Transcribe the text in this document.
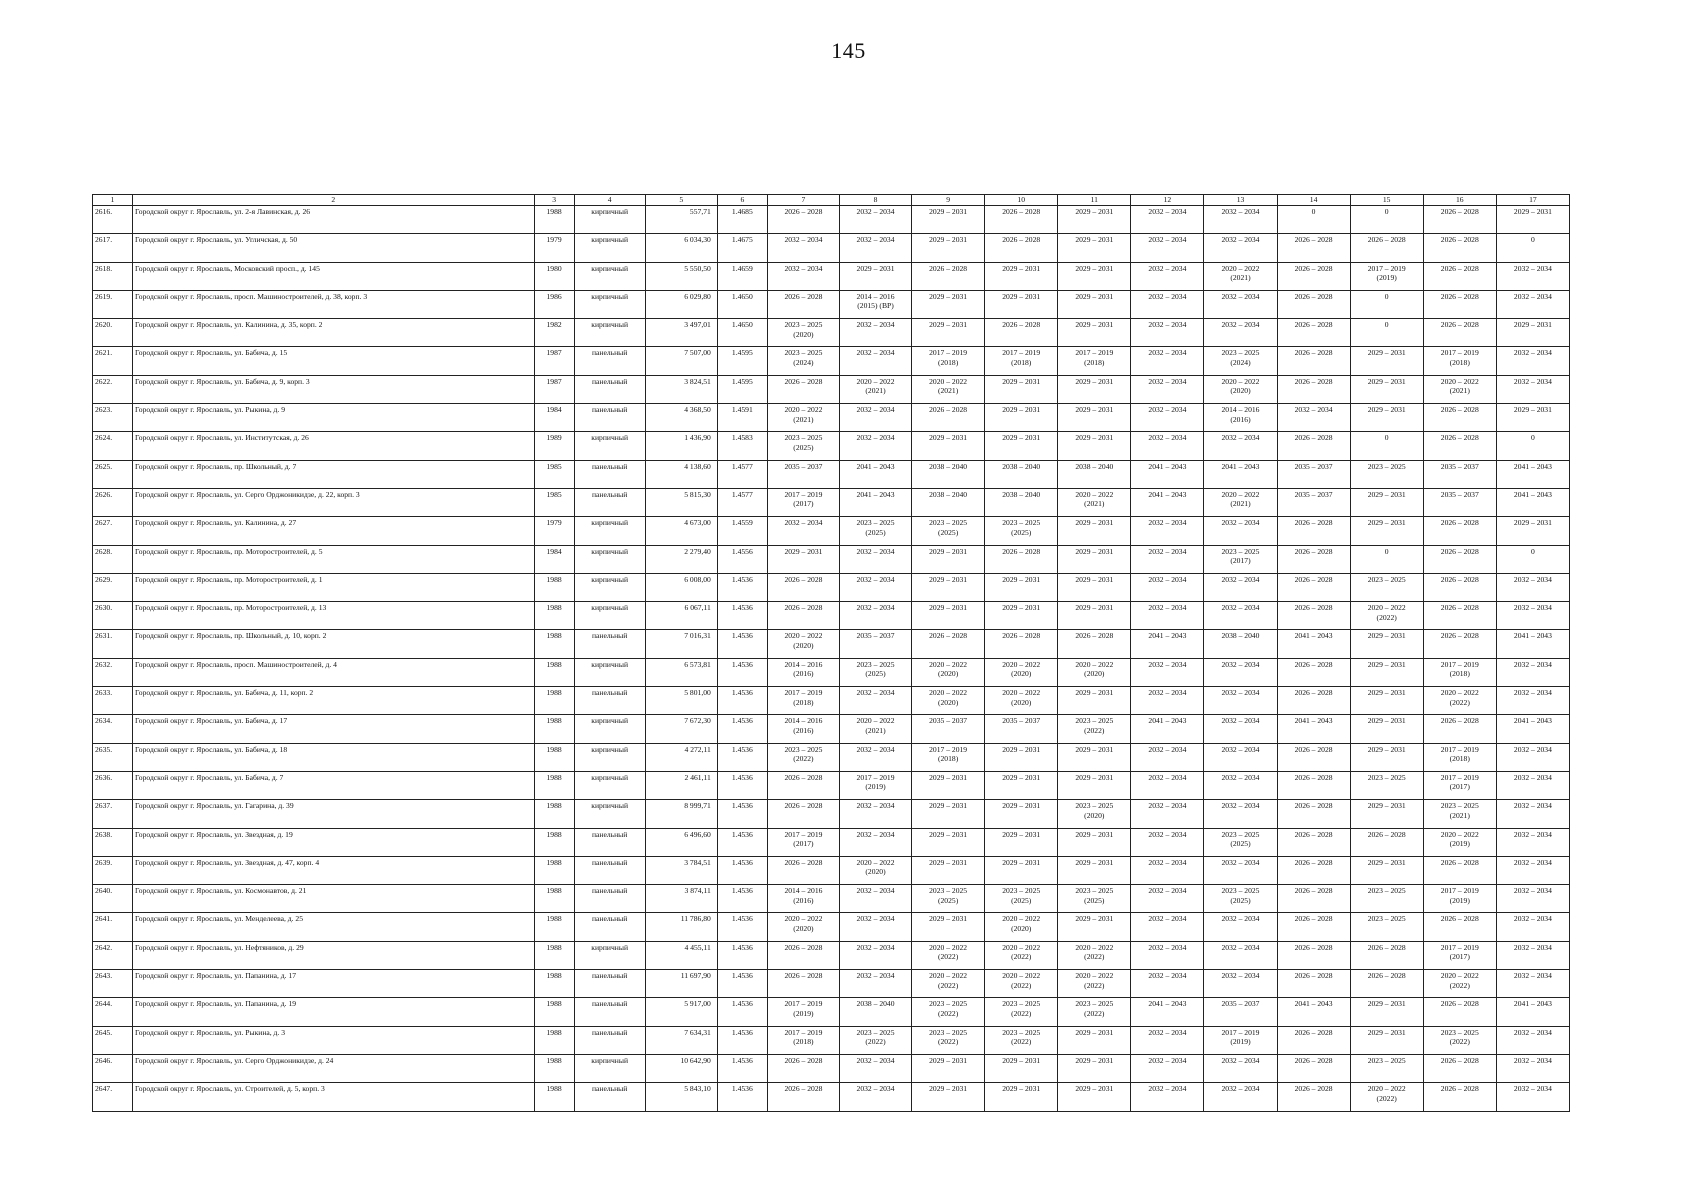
145
1	2	3	4	5	6	7	8	9	10	11	12	13	14	15	16	17

2616.	Городской округ г. Ярославль, ул. 2-я Лавинская, д. 26	1988	кирпичный	557,71	1.4685	2026 – 2028	2032 – 2034	2029 – 2031	2026 – 2028	2029 – 2031	2032 – 2034	2032 – 2034	0	0	2026 – 2028	2029 – 2031

2617.	Городской округ г. Ярославль, ул. Угличская, д. 50	1979	кирпичный	6 034,30	1.4675	2032 – 2034	2032 – 2034	2029 – 2031	2026 – 2028	2029 – 2031	2032 – 2034	2032 – 2034	2026 – 2028	2026 – 2028	2026 – 2028	0

2618.	Городской округ г. Ярославль, Московский просп., д. 145	1980	кирпичный	5 550,50	1.4659	2032 – 2034	2029 – 2031	2026 – 2028	2029 – 2031	2029 – 2031	2032 – 2034	2020 – 2022
(2021)	2026 – 2028	2017 – 2019
(2019)	2026 – 2028	2032 – 2034

2619.	Городской округ г. Ярославль, просп. Машиностроителей, д. 38, корп. 3	1986	кирпичный	6 029,80	1.4650	2026 – 2028	2014 – 2016
(2015) (ВР)	2029 – 2031	2029 – 2031	2029 – 2031	2032 – 2034	2032 – 2034	2026 – 2028	0	2026 – 2028	2032 – 2034

2620.	Городской округ г. Ярославль, ул. Калинина, д. 35, корп. 2	1982	кирпичный	3 497,01	1.4650	2023 – 2025
(2020)	2032 – 2034	2029 – 2031	2026 – 2028	2029 – 2031	2032 – 2034	2032 – 2034	2026 – 2028	0	2026 – 2028	2029 – 2031

2621.	Городской округ г. Ярославль, ул. Бабича, д. 15	1987	панельный	7 507,00	1.4595	2023 – 2025
(2024)	2032 – 2034	2017 – 2019
(2018)	2017 – 2019
(2018)	2017 – 2019
(2018)	2032 – 2034	2023 – 2025
(2024)	2026 – 2028	2029 – 2031	2017 – 2019
(2018)	2032 – 2034

2622.	Городской округ г. Ярославль, ул. Бабича, д. 9, корп. 3	1987	панельный	3 824,51	1.4595	2026 – 2028	2020 – 2022
(2021)	2020 – 2022
(2021)	2029 – 2031	2029 – 2031	2032 – 2034	2020 – 2022
(2020)	2026 – 2028	2029 – 2031	2020 – 2022
(2021)	2032 – 2034

2623.	Городской округ г. Ярославль, ул. Рыкина, д. 9	1984	панельный	4 368,50	1.4591	2020 – 2022
(2021)	2032 – 2034	2026 – 2028	2029 – 2031	2029 – 2031	2032 – 2034	2014 – 2016
(2016)	2032 – 2034	2029 – 2031	2026 – 2028	2029 – 2031

2624.	Городской округ г. Ярославль, ул. Институтская, д. 26	1989	кирпичный	1 436,90	1.4583	2023 – 2025
(2025)	2032 – 2034	2029 – 2031	2029 – 2031	2029 – 2031	2032 – 2034	2032 – 2034	2026 – 2028	0	2026 – 2028	0

2625.	Городской округ г. Ярославль, пр. Школьный, д. 7	1985	панельный	4 138,60	1.4577	2035 – 2037	2041 – 2043	2038 – 2040	2038 – 2040	2038 – 2040	2041 – 2043	2041 – 2043	2035 – 2037	2023 – 2025	2035 – 2037	2041 – 2043

2626.	Городской округ г. Ярославль, ул. Серго Орджоникидзе, д. 22, корп. 3	1985	панельный	5 815,30	1.4577	2017 – 2019
(2017)	2041 – 2043	2038 – 2040	2038 – 2040	2020 – 2022
(2021)	2041 – 2043	2020 – 2022
(2021)	2035 – 2037	2029 – 2031	2035 – 2037	2041 – 2043

2627.	Городской округ г. Ярославль, ул. Калинина, д. 27	1979	кирпичный	4 673,00	1.4559	2032 – 2034	2023 – 2025
(2025)	2023 – 2025
(2025)	2023 – 2025
(2025)	2029 – 2031	2032 – 2034	2032 – 2034	2026 – 2028	2029 – 2031	2026 – 2028	2029 – 2031

2628.	Городской округ г. Ярославль, пр. Моторостроителей, д. 5	1984	кирпичный	2 279,40	1.4556	2029 – 2031	2032 – 2034	2029 – 2031	2026 – 2028	2029 – 2031	2032 – 2034	2023 – 2025
(2017)	2026 – 2028	0	2026 – 2028	0

2629.	Городской округ г. Ярославль, пр. Моторостроителей, д. 1	1988	кирпичный	6 008,00	1.4536	2026 – 2028	2032 – 2034	2029 – 2031	2029 – 2031	2029 – 2031	2032 – 2034	2032 – 2034	2026 – 2028	2023 – 2025	2026 – 2028	2032 – 2034

2630.	Городской округ г. Ярославль, пр. Моторостроителей, д. 13	1988	кирпичный	6 067,11	1.4536	2026 – 2028	2032 – 2034	2029 – 2031	2029 – 2031	2029 – 2031	2032 – 2034	2032 – 2034	2026 – 2028	2020 – 2022
(2022)	2026 – 2028	2032 – 2034

2631.	Городской округ г. Ярославль, пр. Школьный, д. 10, корп. 2	1988	панельный	7 016,31	1.4536	2020 – 2022
(2020)	2035 – 2037	2026 – 2028	2026 – 2028	2026 – 2028	2041 – 2043	2038 – 2040	2041 – 2043	2029 – 2031	2026 – 2028	2041 – 2043

2632.	Городской округ г. Ярославль, просп. Машиностроителей, д. 4	1988	кирпичный	6 573,81	1.4536	2014 – 2016
(2016)	2023 – 2025
(2025)	2020 – 2022
(2020)	2020 – 2022
(2020)	2020 – 2022
(2020)	2032 – 2034	2032 – 2034	2026 – 2028	2029 – 2031	2017 – 2019
(2018)	2032 – 2034

2633.	Городской округ г. Ярославль, ул. Бабича, д. 11, корп. 2	1988	панельный	5 801,00	1.4536	2017 – 2019
(2018)	2032 – 2034	2020 – 2022
(2020)	2020 – 2022
(2020)	2029 – 2031	2032 – 2034	2032 – 2034	2026 – 2028	2029 – 2031	2020 – 2022
(2022)	2032 – 2034

2634.	Городской округ г. Ярославль, ул. Бабича, д. 17	1988	кирпичный	7 672,30	1.4536	2014 – 2016
(2016)	2020 – 2022
(2021)	2035 – 2037	2035 – 2037	2023 – 2025
(2022)	2041 – 2043	2032 – 2034	2041 – 2043	2029 – 2031	2026 – 2028	2041 – 2043

2635.	Городской округ г. Ярославль, ул. Бабича, д. 18	1988	кирпичный	4 272,11	1.4536	2023 – 2025
(2022)	2032 – 2034	2017 – 2019
(2018)	2029 – 2031	2029 – 2031	2032 – 2034	2032 – 2034	2026 – 2028	2029 – 2031	2017 – 2019
(2018)	2032 – 2034

2636.	Городской округ г. Ярославль, ул. Бабича, д. 7	1988	кирпичный	2 461,11	1.4536	2026 – 2028	2017 – 2019
(2019)	2029 – 2031	2029 – 2031	2029 – 2031	2032 – 2034	2032 – 2034	2026 – 2028	2023 – 2025	2017 – 2019
(2017)	2032 – 2034

2637.	Городской округ г. Ярославль, ул. Гагарина, д. 39	1988	кирпичный	8 999,71	1.4536	2026 – 2028	2032 – 2034	2029 – 2031	2029 – 2031	2023 – 2025
(2020)	2032 – 2034	2032 – 2034	2026 – 2028	2029 – 2031	2023 – 2025
(2021)	2032 – 2034

2638.	Городской округ г. Ярославль, ул. Звездная, д. 19	1988	панельный	6 496,60	1.4536	2017 – 2019
(2017)	2032 – 2034	2029 – 2031	2029 – 2031	2029 – 2031	2032 – 2034	2023 – 2025
(2025)	2026 – 2028	2026 – 2028	2020 – 2022
(2019)	2032 – 2034

2639.	Городской округ г. Ярославль, ул. Звездная, д. 47, корп. 4	1988	панельный	3 784,51	1.4536	2026 – 2028	2020 – 2022
(2020)	2029 – 2031	2029 – 2031	2029 – 2031	2032 – 2034	2032 – 2034	2026 – 2028	2029 – 2031	2026 – 2028	2032 – 2034

2640.	Городской округ г. Ярославль, ул. Космонавтов, д. 21	1988	панельный	3 874,11	1.4536	2014 – 2016
(2016)	2032 – 2034	2023 – 2025
(2025)	2023 – 2025
(2025)	2023 – 2025
(2025)	2032 – 2034	2023 – 2025
(2025)	2026 – 2028	2023 – 2025	2017 – 2019
(2019)	2032 – 2034

2641.	Городской округ г. Ярославль, ул. Менделеева, д. 25	1988	панельный	11 786,80	1.4536	2020 – 2022
(2020)	2032 – 2034	2029 – 2031	2020 – 2022
(2020)	2029 – 2031	2032 – 2034	2032 – 2034	2026 – 2028	2023 – 2025	2026 – 2028	2032 – 2034

2642.	Городской округ г. Ярославль, ул. Нефтяников, д. 29	1988	кирпичный	4 455,11	1.4536	2026 – 2028	2032 – 2034	2020 – 2022
(2022)	2020 – 2022
(2022)	2020 – 2022
(2022)	2032 – 2034	2032 – 2034	2026 – 2028	2026 – 2028	2017 – 2019
(2017)	2032 – 2034

2643.	Городской округ г. Ярославль, ул. Папанина, д. 17	1988	панельный	11 697,90	1.4536	2026 – 2028	2032 – 2034	2020 – 2022
(2022)	2020 – 2022
(2022)	2020 – 2022
(2022)	2032 – 2034	2032 – 2034	2026 – 2028	2026 – 2028	2020 – 2022
(2022)	2032 – 2034

2644.	Городской округ г. Ярославль, ул. Папанина, д. 19	1988	панельный	5 917,00	1.4536	2017 – 2019
(2019)	2038 – 2040	2023 – 2025
(2022)	2023 – 2025
(2022)	2023 – 2025
(2022)	2041 – 2043	2035 – 2037	2041 – 2043	2029 – 2031	2026 – 2028	2041 – 2043

2645.	Городской округ г. Ярославль, ул. Рыкина, д. 3	1988	панельный	7 634,31	1.4536	2017 – 2019
(2018)	2023 – 2025
(2022)	2023 – 2025
(2022)	2023 – 2025
(2022)	2029 – 2031	2032 – 2034	2017 – 2019
(2019)	2026 – 2028	2029 – 2031	2023 – 2025
(2022)	2032 – 2034

2646.	Городской округ г. Ярославль, ул. Серго Орджоникидзе, д. 24	1988	кирпичный	10 642,90	1.4536	2026 – 2028	2032 – 2034	2029 – 2031	2029 – 2031	2029 – 2031	2032 – 2034	2032 – 2034	2026 – 2028	2023 – 2025	2026 – 2028	2032 – 2034

2647.	Городской округ г. Ярославль, ул. Строителей, д. 5, корп. 3	1988	панельный	5 843,10	1.4536	2026 – 2028	2032 – 2034	2029 – 2031	2029 – 2031	2029 – 2031	2032 – 2034	2032 – 2034	2026 – 2028	2020 – 2022
(2022)	2026 – 2028	2032 – 2034
